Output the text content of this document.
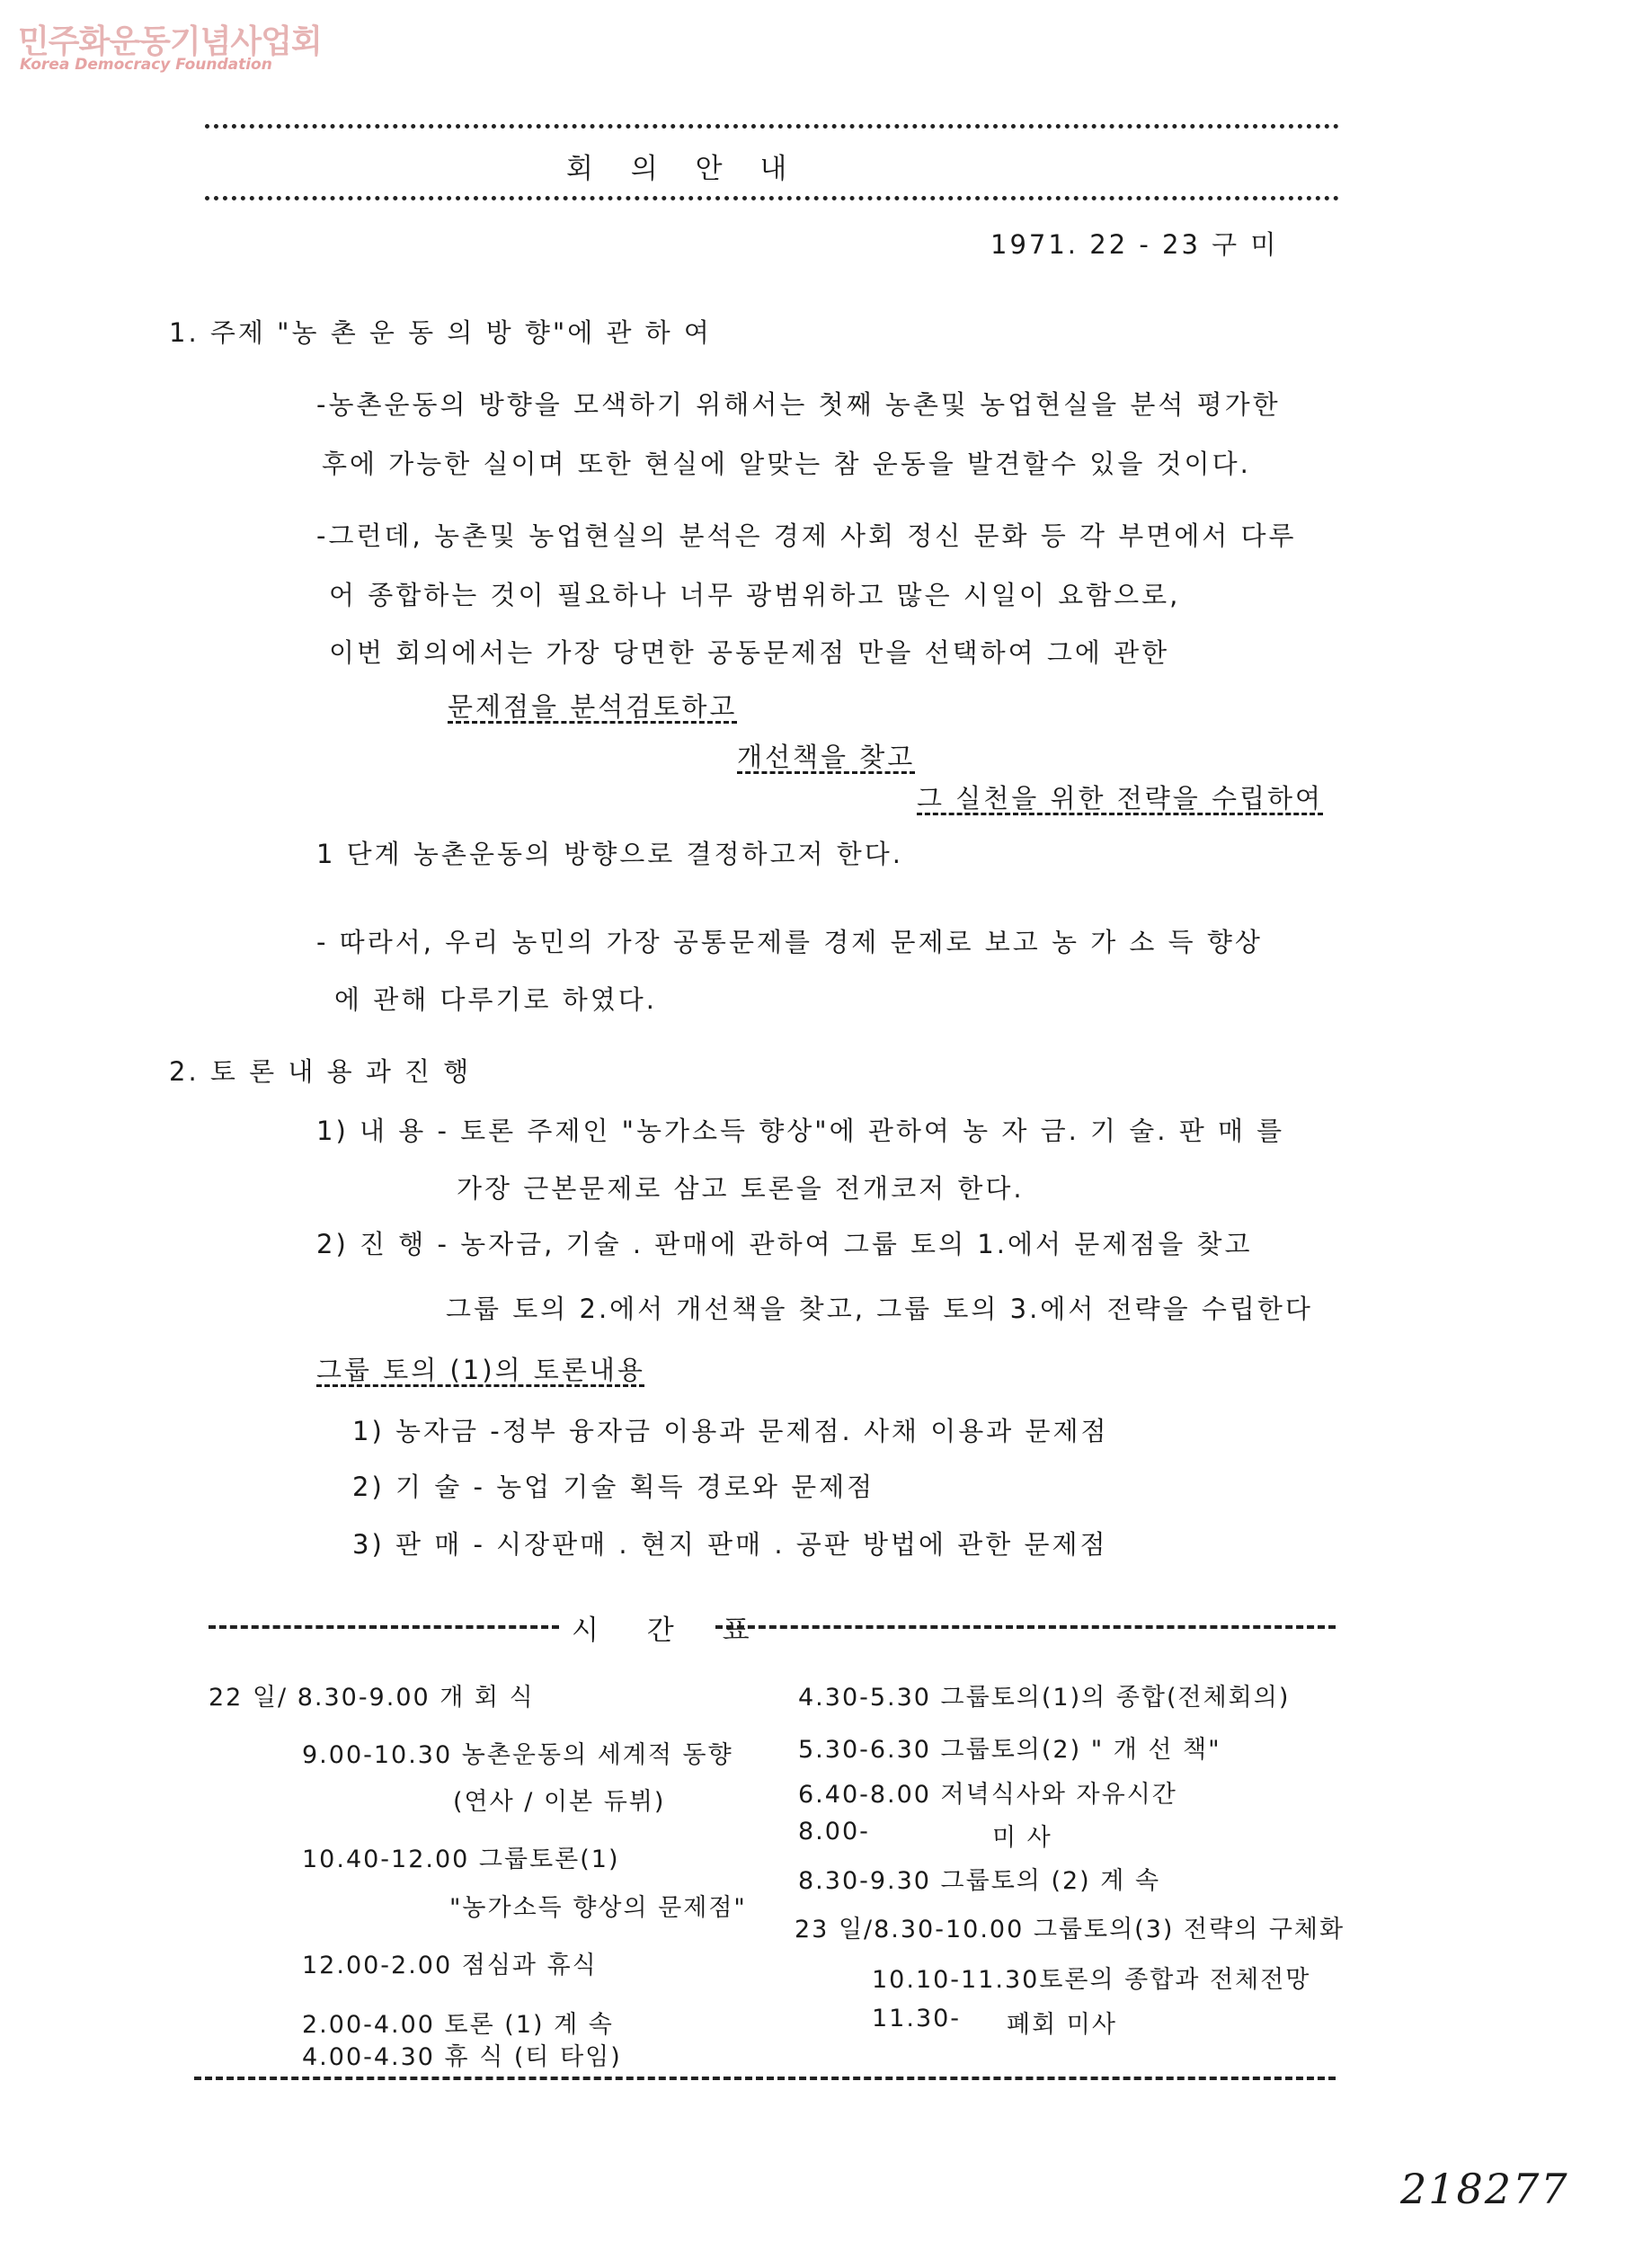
민주화운동기념사업회
Korea Democracy Foundation
회 의 안 내
1971. 22 - 23 구 미
1. 주제 "농 촌 운 동 의 방 향"에 관 하 여
-농촌운동의 방향을 모색하기 위해서는 첫째 농촌및 농업현실을 분석 평가한
후에 가능한 실이며 또한 현실에 알맞는 참 운동을 발견할수 있을 것이다.
-그런데, 농촌및 농업현실의 분석은 경제 사회 정신 문화 등 각 부면에서 다루
어 종합하는 것이 필요하나 너무 광범위하고 많은 시일이 요함으로,
이번 회의에서는 가장 당면한 공동문제점 만을 선택하여 그에 관한
문제점을 분석검토하고
개선책을 찾고
그 실천을 위한 전략을 수립하여
1 단계 농촌운동의 방향으로 결정하고저 한다.
- 따라서, 우리 농민의 가장 공통문제를 경제 문제로 보고 농 가 소 득 향상
에 관해 다루기로 하였다.
2. 토 론 내 용 과 진 행
1) 내 용 - 토론 주제인 "농가소득 향상"에 관하여 농 자 금. 기 술. 판 매 를
가장 근본문제로 삼고 토론을 전개코저 한다.
2) 진 행 - 농자금, 기술 . 판매에 관하여 그룹 토의 1.에서 문제점을 찾고
그룹 토의 2.에서 개선책을 찾고, 그룹 토의 3.에서 전략을 수립한다
그룹 토의 (1)의 토론내용
1) 농자금 -정부 융자금 이용과 문제점. 사채 이용과 문제점
2) 기 술 - 농업 기술 획득 경로와 문제점
3) 판 매 - 시장판매 . 현지 판매 . 공판 방법에 관한 문제점
시 간 표
22 일/ 8.30-9.00 개 회 식
9.00-10.30 농촌운동의 세계적 동향
(연사 / 이본 듀뷔)
10.40-12.00 그룹토론(1)
"농가소득 향상의 문제점"
12.00-2.00 점심과 휴식
2.00-4.00 토론 (1) 계 속
4.00-4.30 휴 식 (티 타임)
4.30-5.30 그룹토의(1)의 종합(전체회의)
5.30-6.30 그룹토의(2) " 개 선 책"
6.40-8.00 저녁식사와 자유시간
8.00-	미 사
8.30-9.30 그룹토의 (2) 계 속
23 일/8.30-10.00 그룹토의(3) 전략의 구체화
10.10-11.30토론의 종합과 전체전망
11.30- 폐회 미사
218277
